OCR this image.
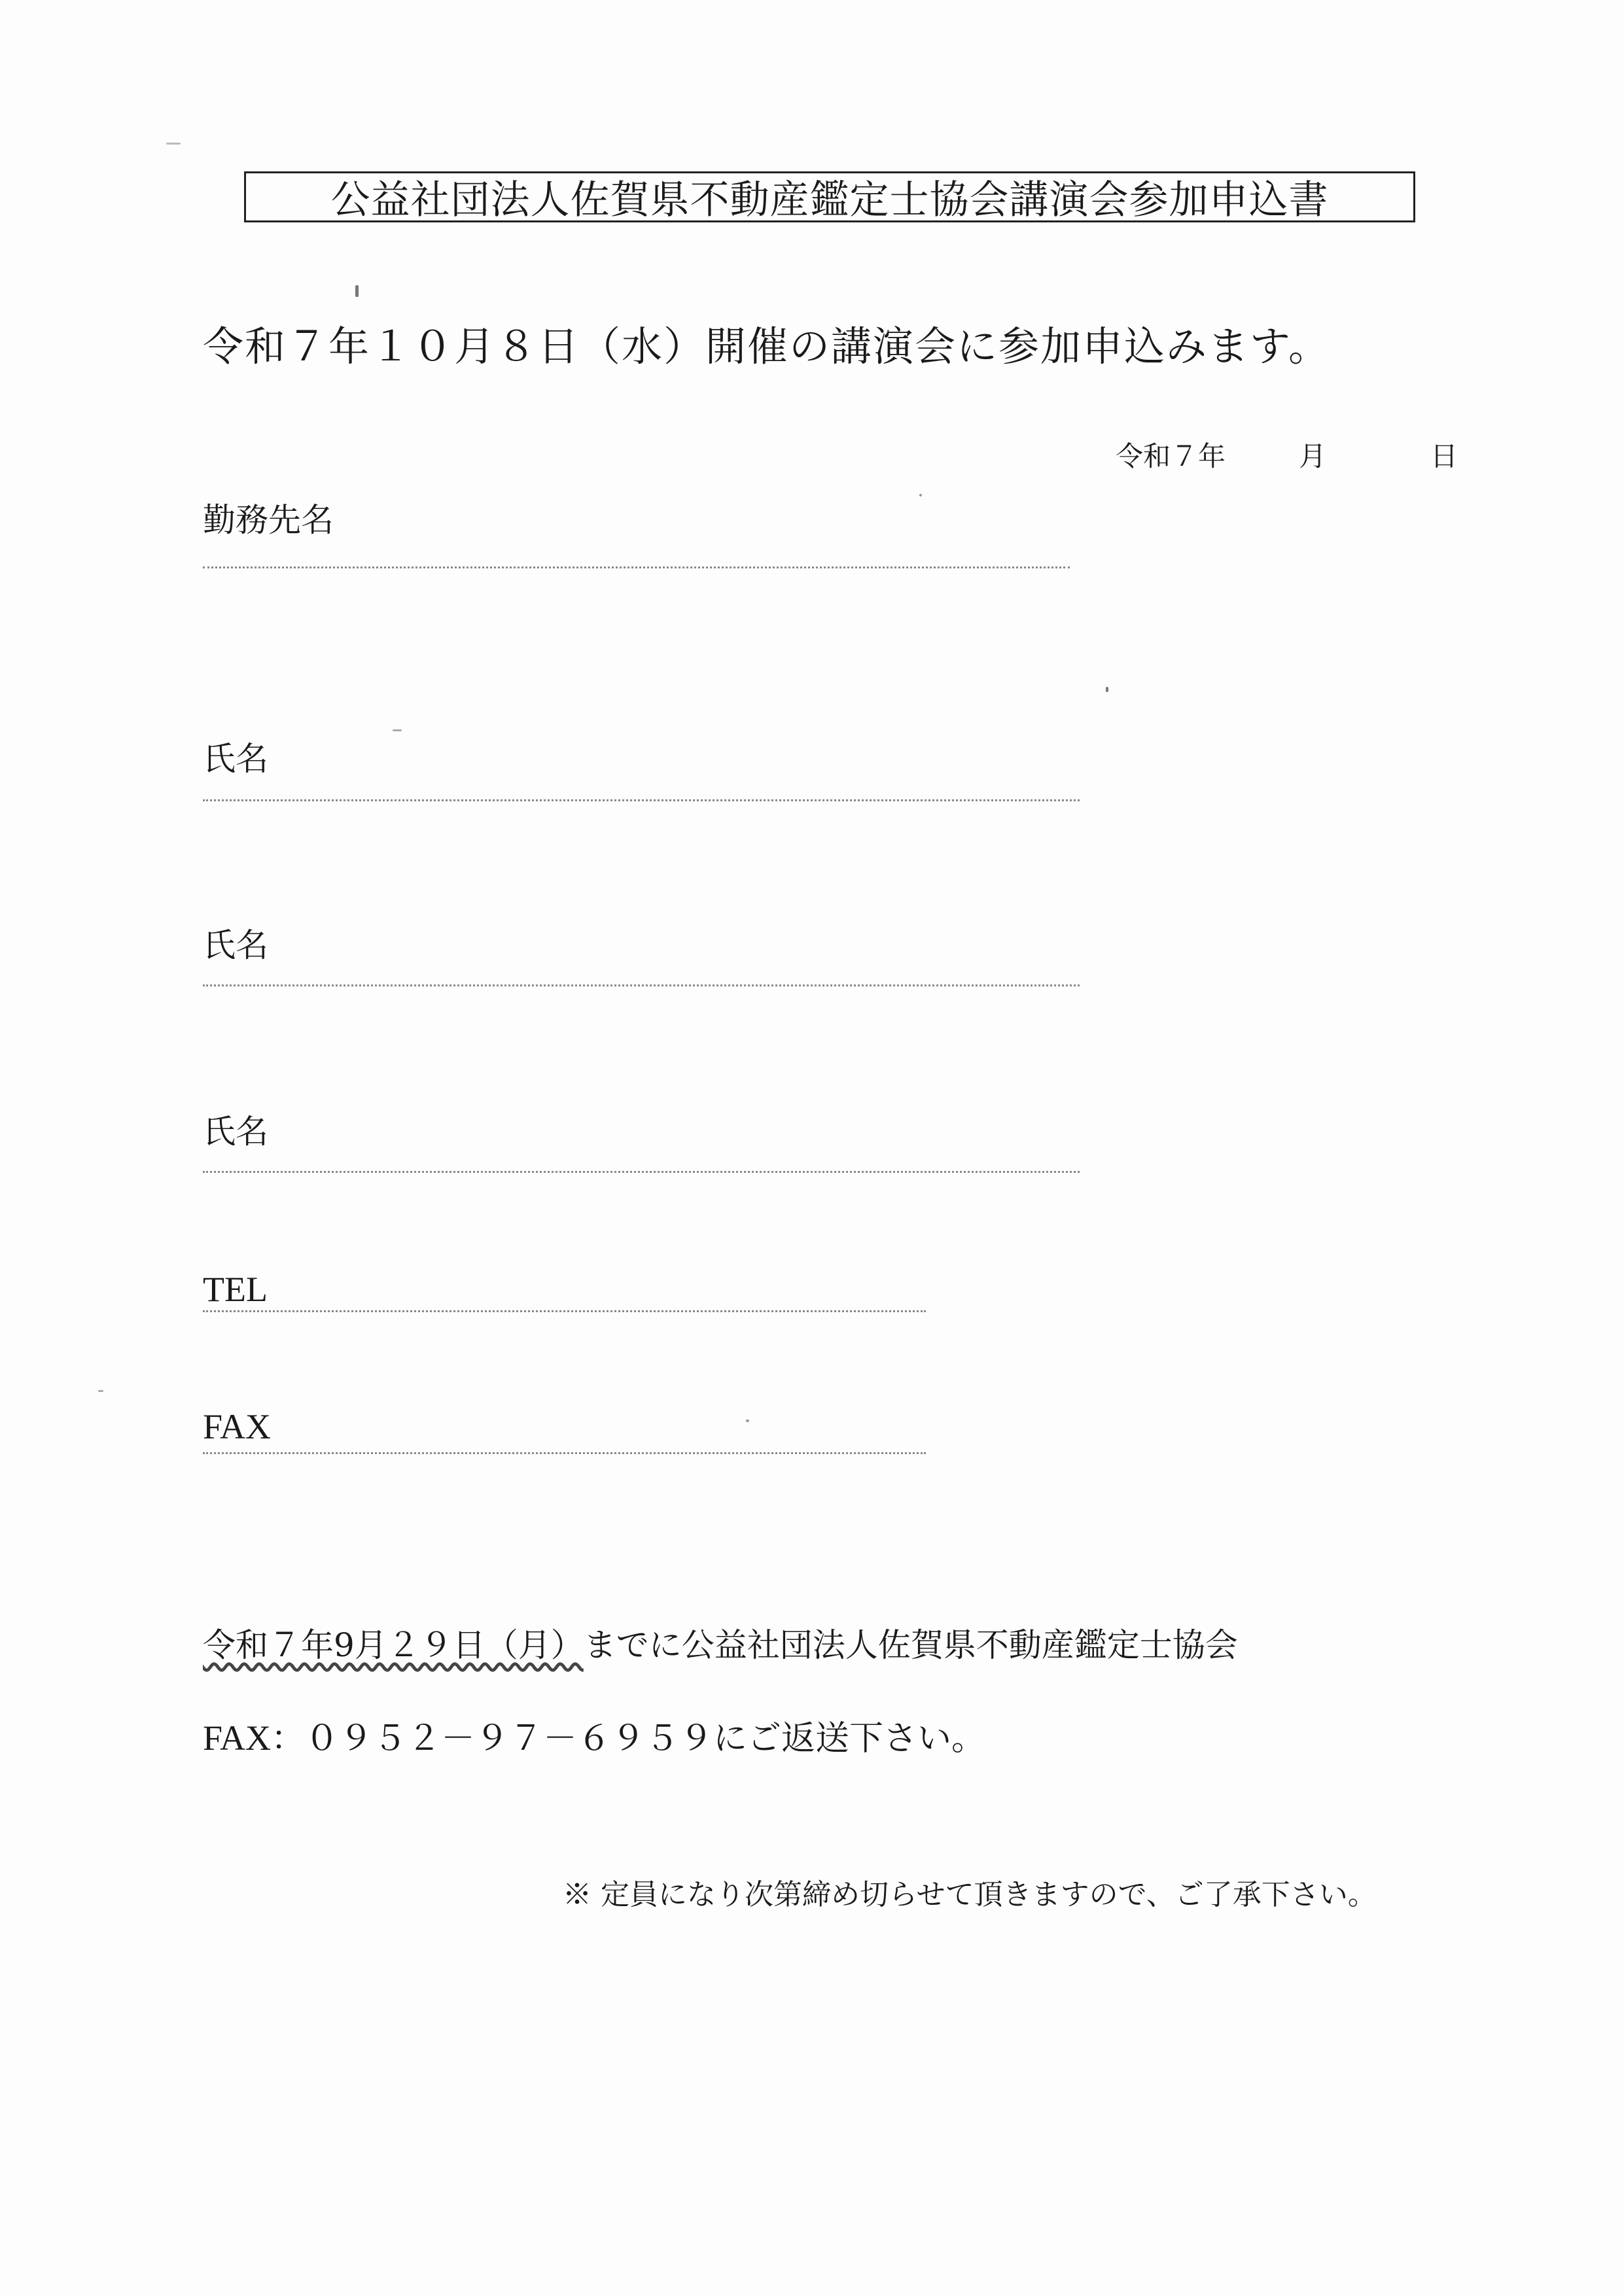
公益社団法人佐賀県不動産鑑定士協会講演会参加申込書
令和７年１０月８日（水）開催の講演会に参加申込みます。
令和７年	月	日
勤務先名
氏名
氏名
氏名
TEL
FAX
令和７年9月２９日（月）までに公益社団法人佐賀県不動産鑑定士協会
FAX：０９５２－９７－６９５９にご返送下さい。
※ 定員になり次第締め切らせて頂きますので、ご了承下さい。
